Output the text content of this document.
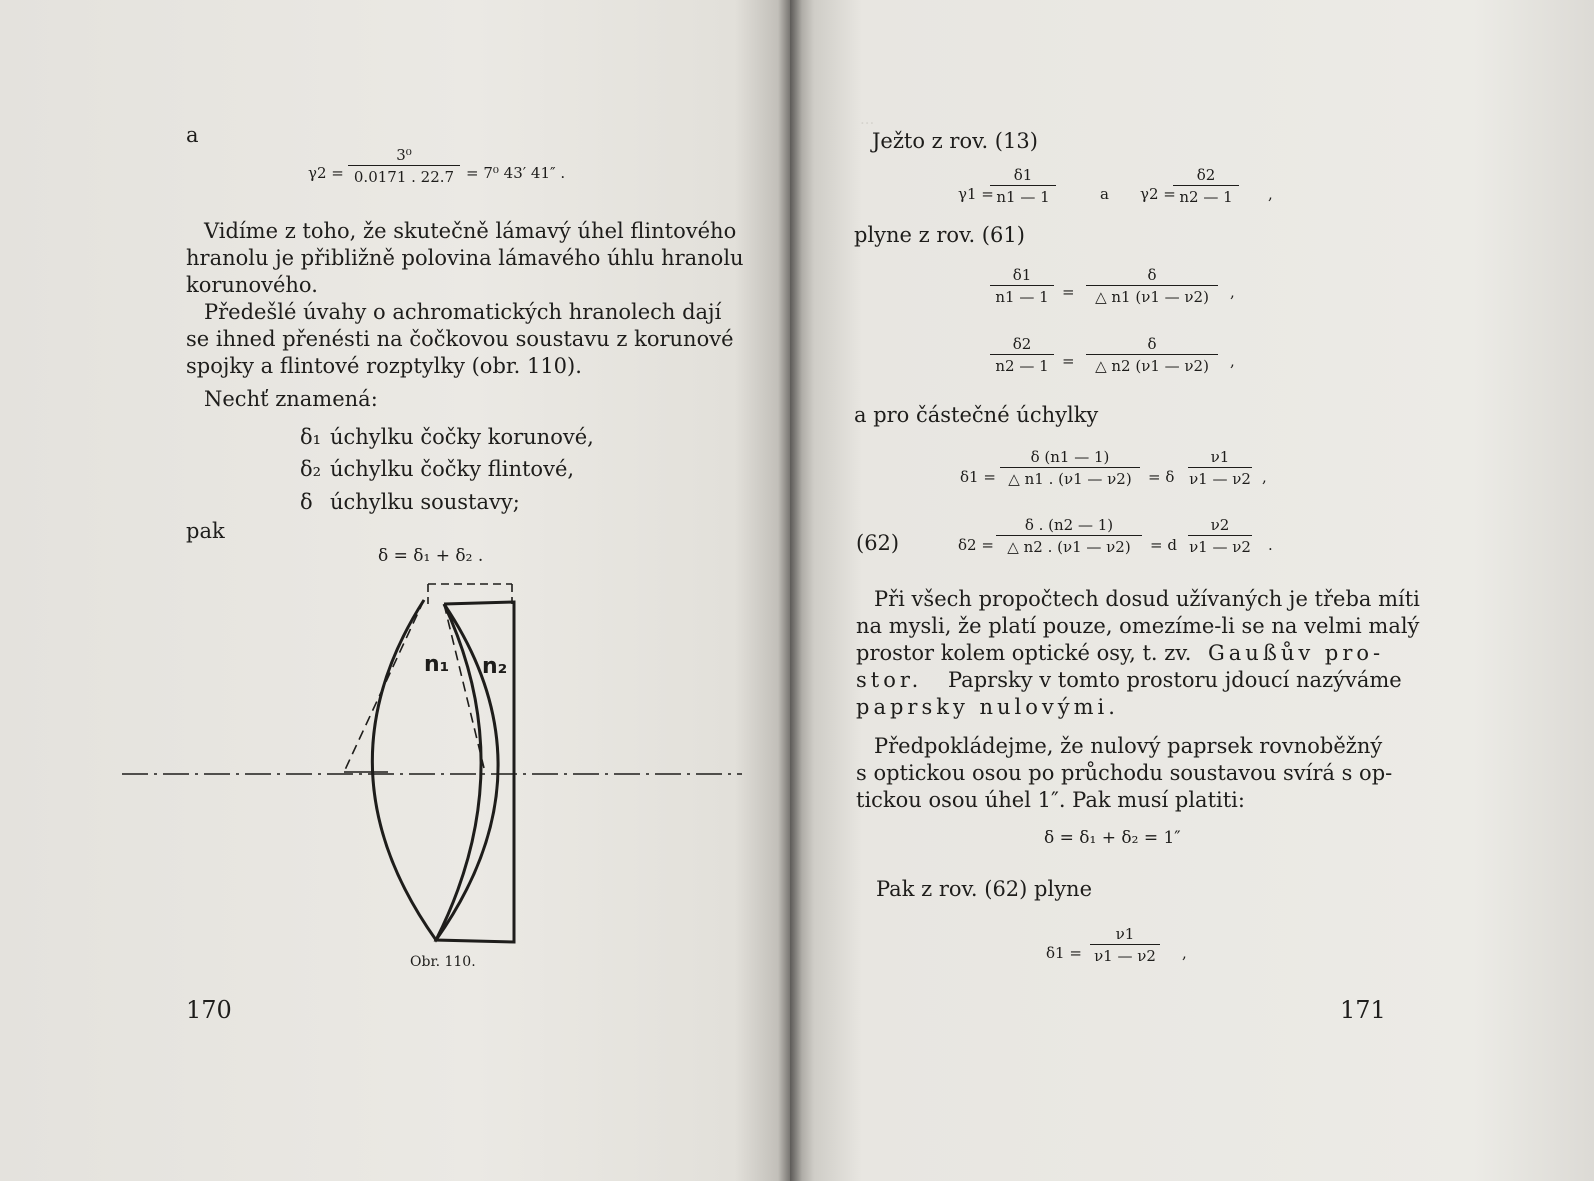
a
$\gamma 2 = \frac{\text{3⁰}}{0.0171 . 22.7} = 7^0$ 43′ 41″ .
Vidíme z toho, že skutečně lámavý úhel flintového
hranolu je přibližně polovina lámavého úhlu hranolu
korunového.
Předešlé úvahy o achromatických hranolech dají
se ihned přenésti na čočkovou soustavu z korunové
spojky a flintové rozptylky (obr. 110).
Nechť znamená:
δ₁ úchylku čočky korunové,
δ₂ úchylku čočky flintové,
δ úchylku soustavy;
pak
δ = δ₁ + δ₂ .
n₁ n₂
Obr. 110.
170
...
Ježto z rov. (13)
γ1 =
$\frac{\delta 1}{n1 — 1}$	a γ2 =
$\frac{\delta 2}{n2 — 1}$ ,
plyne z rov. (61)
$\frac{\delta 1}{n1 — 1} = \frac{\delta}{\triangle n1 (\nu 1 — \nu 2)}$ ,
$\frac{\delta 2}{n2 — 1} = \frac{\delta}{\triangle n2 (\nu 1 — \nu 2)}$ ,
a pro částečné úchylky
$\delta 1 = \frac{\delta (n1 — 1)}{\triangle n1 . (\nu 1 — \nu 2)} = \delta \frac{\nu 1}{\nu 1 — \nu 2}$ ,
(62)	$\delta 2 = \frac{\delta . (n2 — 1)}{\triangle n2 . (\nu 1 — \nu 2)} = d \frac{\nu 2}{\nu 1 — \nu 2}$ .
Při všech propočtech dosud užívaných je třeba míti
na mysli, že platí pouze, omezíme-li se na velmi malý
prostor kolem optické osy, t. zv. Gaußův pro-
stor. Paprsky v tomto prostoru jdoucí nazýváme
paprsky nulovými.
Předpokládejme, že nulový paprsek rovnoběžný
s optickou osou po průchodu soustavou svírá s op-
tickou osou úhel 1″. Pak musí platiti:
δ = δ₁ + δ₂ = 1″
Pak z rov. (62) plyne
$\delta 1 = \frac{\nu 1}{\nu 1 — \nu 2}$ ,
171
